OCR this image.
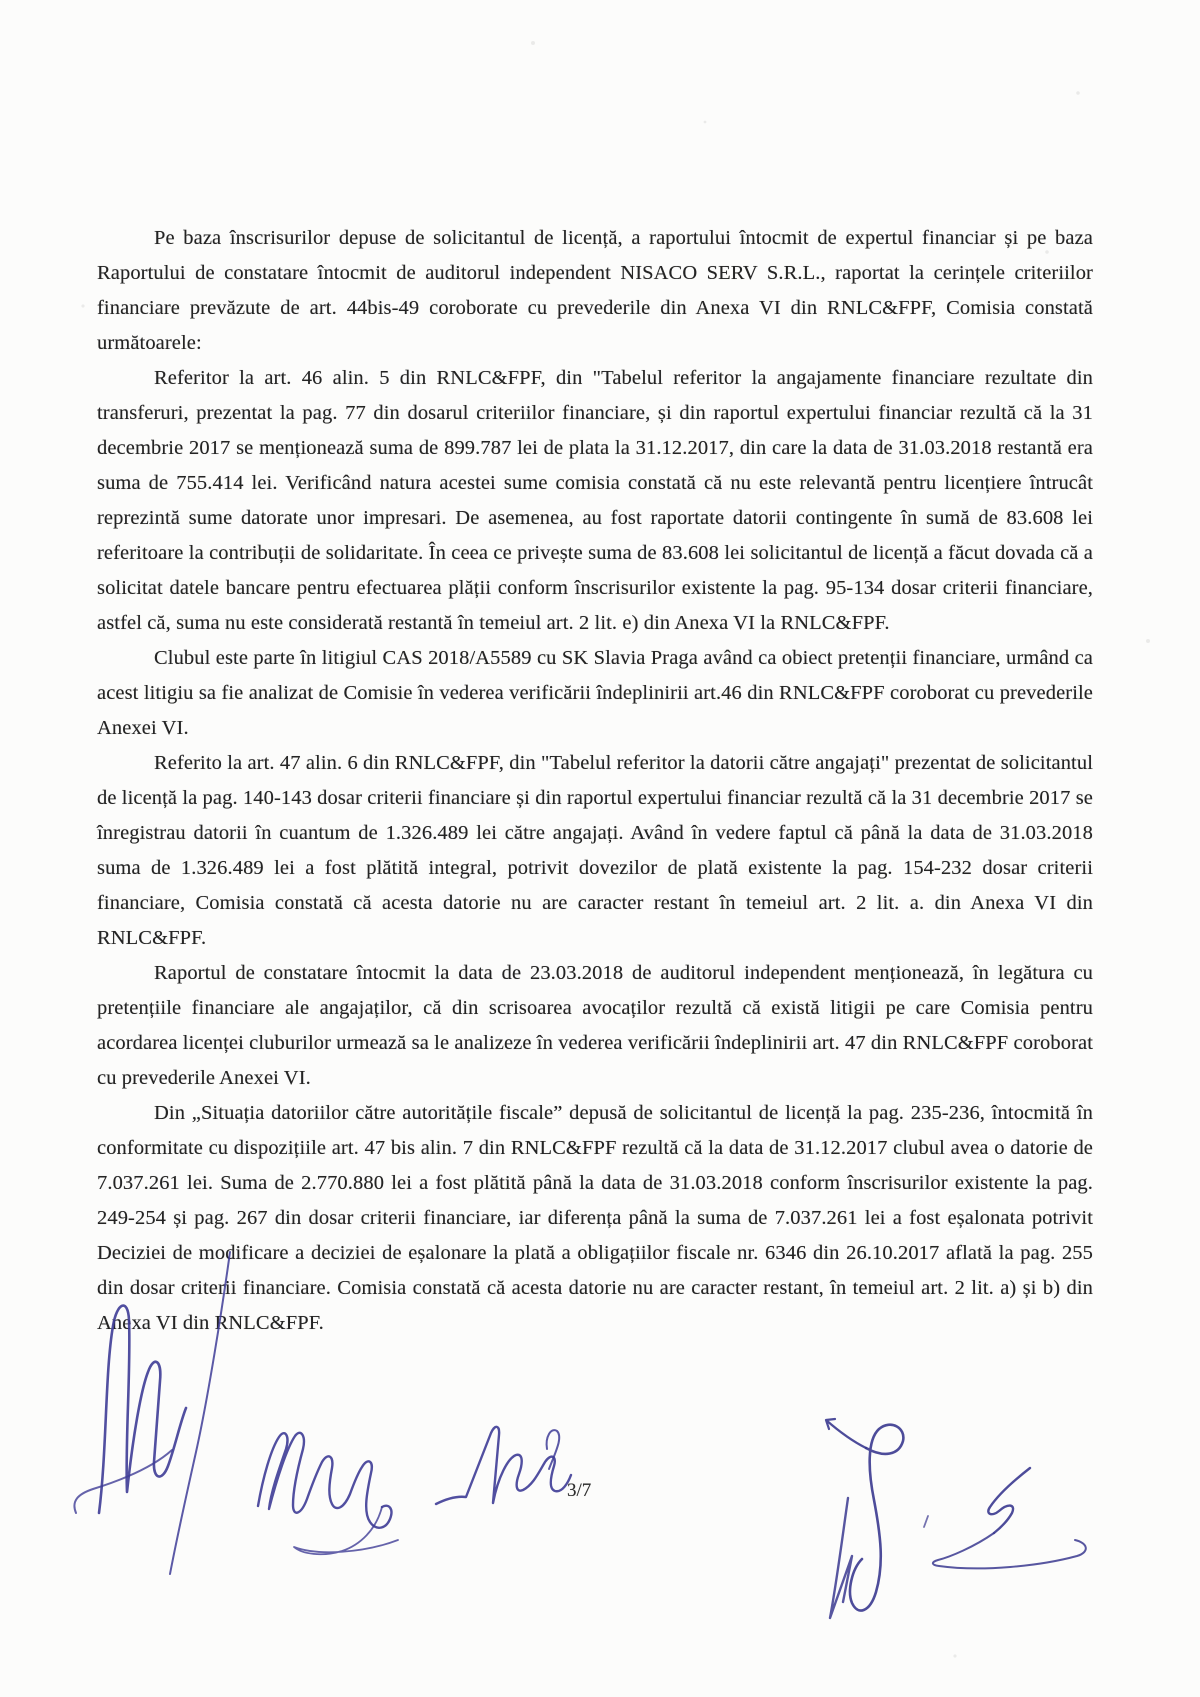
Pe baza înscrisurilor depuse de solicitantul de licență, a raportului întocmit de expertul financiar și pe baza Raportului de constatare întocmit de auditorul independent NISACO SERV S.R.L., raportat la cerințele criteriilor financiare prevăzute de art. 44bis-49 coroborate cu prevederile din Anexa VI din RNLC&FPF, Comisia constată următoarele:

Referitor la art. 46 alin. 5 din RNLC&FPF, din "Tabelul referitor la angajamente financiare rezultate din transferuri, prezentat la pag. 77 din dosarul criteriilor financiare, și din raportul expertului financiar rezultă că la 31 decembrie 2017 se menționează suma de 899.787 lei de plata la 31.12.2017, din care la data de 31.03.2018 restantă era suma de 755.414 lei. Verificând natura acestei sume comisia constată că nu este relevantă pentru licențiere întrucât reprezintă sume datorate unor impresari. De asemenea, au fost raportate datorii contingente în sumă de 83.608 lei referitoare la contribuții de solidaritate. În ceea ce privește suma de 83.608 lei solicitantul de licență a făcut dovada că a solicitat datele bancare pentru efectuarea plății conform înscrisurilor existente la pag. 95-134 dosar criterii financiare, astfel că, suma nu este considerată restantă în temeiul art. 2 lit. e) din Anexa VI la RNLC&FPF.

Clubul este parte în litigiul CAS 2018/A5589 cu SK Slavia Praga având ca obiect pretenții financiare, urmând ca acest litigiu sa fie analizat de Comisie în vederea verificării îndeplinirii art.46 din RNLC&FPF coroborat cu prevederile Anexei VI.

Referito la art. 47 alin. 6 din RNLC&FPF, din "Tabelul referitor la datorii către angajați" prezentat de solicitantul de licență la pag. 140-143 dosar criterii financiare și din raportul expertului financiar rezultă că la 31 decembrie 2017 se înregistrau datorii în cuantum de 1.326.489 lei către angajați. Având în vedere faptul că până la data de 31.03.2018 suma de 1.326.489 lei a fost plătită integral, potrivit dovezilor de plată existente la pag. 154-232 dosar criterii financiare, Comisia constată că acesta datorie nu are caracter restant în temeiul art. 2 lit. a. din Anexa VI din RNLC&FPF.

Raportul de constatare întocmit la data de 23.03.2018 de auditorul independent menționează, în legătura cu pretențiile financiare ale angajaților, că din scrisoarea avocaților rezultă că există litigii pe care Comisia pentru acordarea licenței cluburilor urmează sa le analizeze în vederea verificării îndeplinirii art. 47 din RNLC&FPF coroborat cu prevederile Anexei VI.

Din „Situația datoriilor către autoritățile fiscale” depusă de solicitantul de licență la pag. 235-236, întocmită în conformitate cu dispozițiile art. 47 bis alin. 7 din RNLC&FPF rezultă că la data de 31.12.2017 clubul avea o datorie de 7.037.261 lei. Suma de 2.770.880 lei a fost plătită până la data de 31.03.2018 conform înscrisurilor existente la pag. 249-254 și pag. 267 din dosar criterii financiare, iar diferența până la suma de 7.037.261 lei a fost eșalonata potrivit Deciziei de modificare a deciziei de eșalonare la plată a obligațiilor fiscale nr. 6346 din 26.10.2017 aflată la pag. 255 din dosar criterii financiare. Comisia constată că acesta datorie nu are caracter restant, în temeiul art. 2 lit. a) și b) din Anexa VI din RNLC&FPF.

3/7
